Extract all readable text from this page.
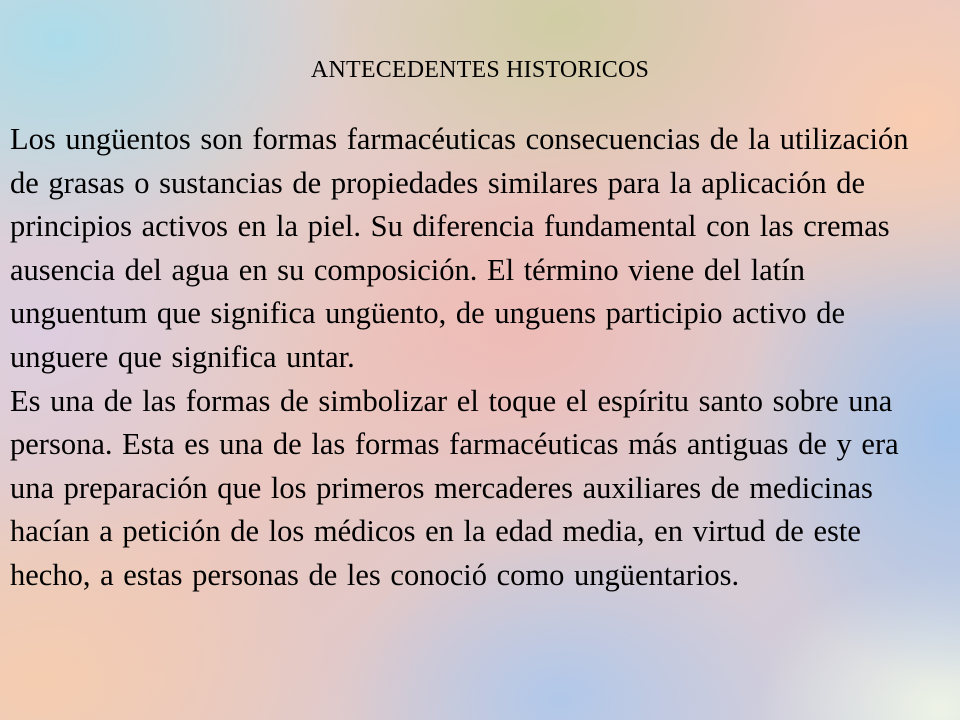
ANTECEDENTES HISTORICOS

Los ungüentos son formas farmacéuticas consecuencias de la utilización de grasas o sustancias de propiedades similares para la aplicación de principios activos en la piel. Su diferencia fundamental con las cremas ausencia del agua en su composición. El término viene del latín unguentum que significa ungüento, de unguens participio activo de unguere que significa untar.

Es una de las formas de simbolizar el toque el espíritu santo sobre una persona. Esta es una de las formas farmacéuticas más antiguas de y era una preparación que los primeros mercaderes auxiliares de medicinas hacían a petición de los médicos en la edad media, en virtud de este hecho, a estas personas de les conoció como ungüentarios.
